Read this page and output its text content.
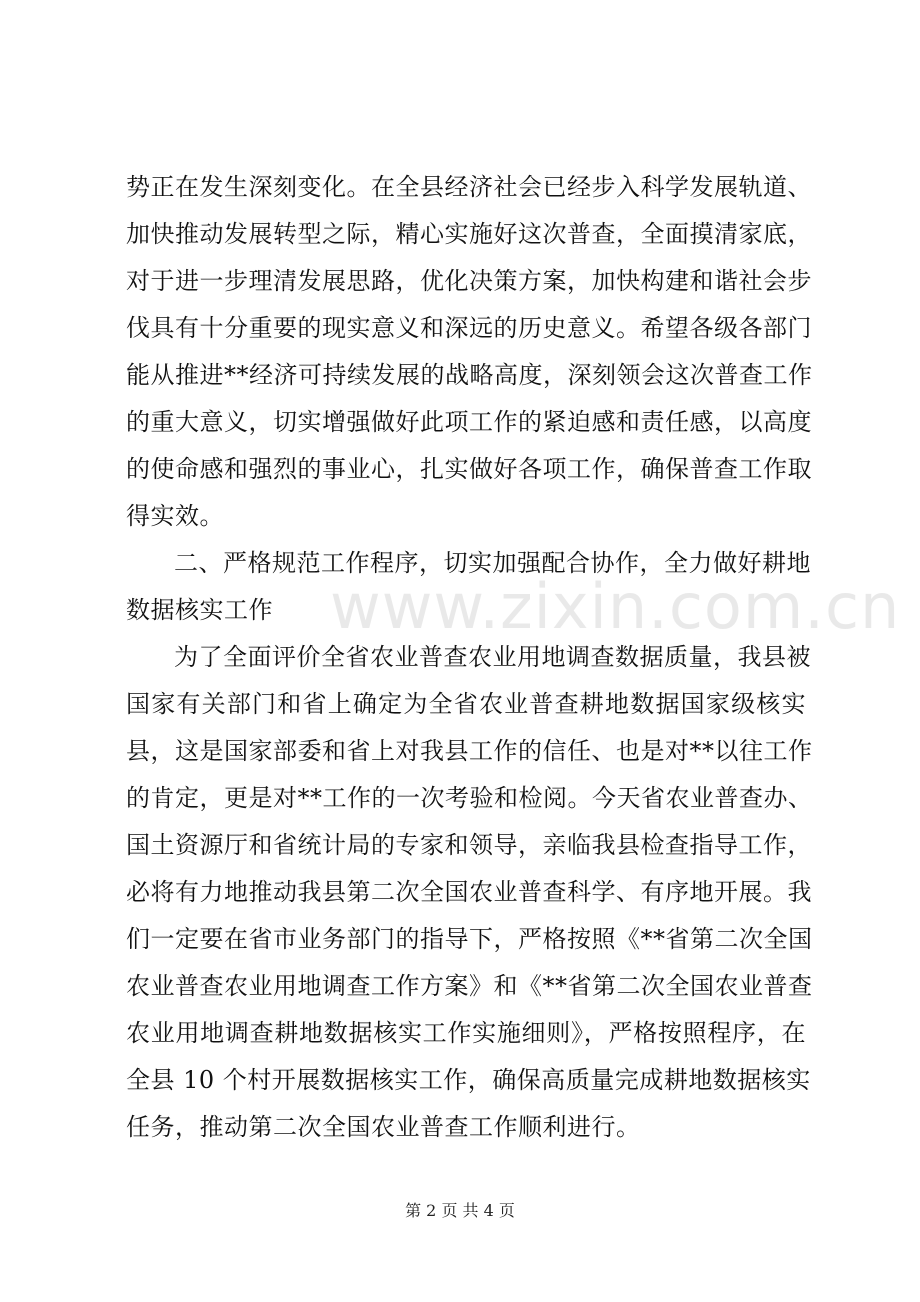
www.zixin.com.cn
势正在发生深刻变化。在全县经济社会已经步入科学发展轨道、
加快推动发展转型之际，精心实施好这次普查，全面摸清家底，
对于进一步理清发展思路，优化决策方案，加快构建和谐社会步
伐具有十分重要的现实意义和深远的历史意义。希望各级各部门
能从推进**经济可持续发展的战略高度，深刻领会这次普查工作
的重大意义，切实增强做好此项工作的紧迫感和责任感，以高度
的使命感和强烈的事业心，扎实做好各项工作，确保普查工作取
得实效。
二、严格规范工作程序，切实加强配合协作，全力做好耕地
数据核实工作
为了全面评价全省农业普查农业用地调查数据质量，我县被
国家有关部门和省上确定为全省农业普查耕地数据国家级核实
县，这是国家部委和省上对我县工作的信任、也是对**以往工作
的肯定，更是对**工作的一次考验和检阅。今天省农业普查办、
国土资源厅和省统计局的专家和领导，亲临我县检查指导工作，
必将有力地推动我县第二次全国农业普查科学、有序地开展。我
们一定要在省市业务部门的指导下，严格按照《**省第二次全国
农业普查农业用地调查工作方案》和《**省第二次全国农业普查
农业用地调查耕地数据核实工作实施细则》，严格按照程序，在
全县 10 个村开展数据核实工作，确保高质量完成耕地数据核实
任务，推动第二次全国农业普查工作顺利进行。
第 2 页 共 4 页
